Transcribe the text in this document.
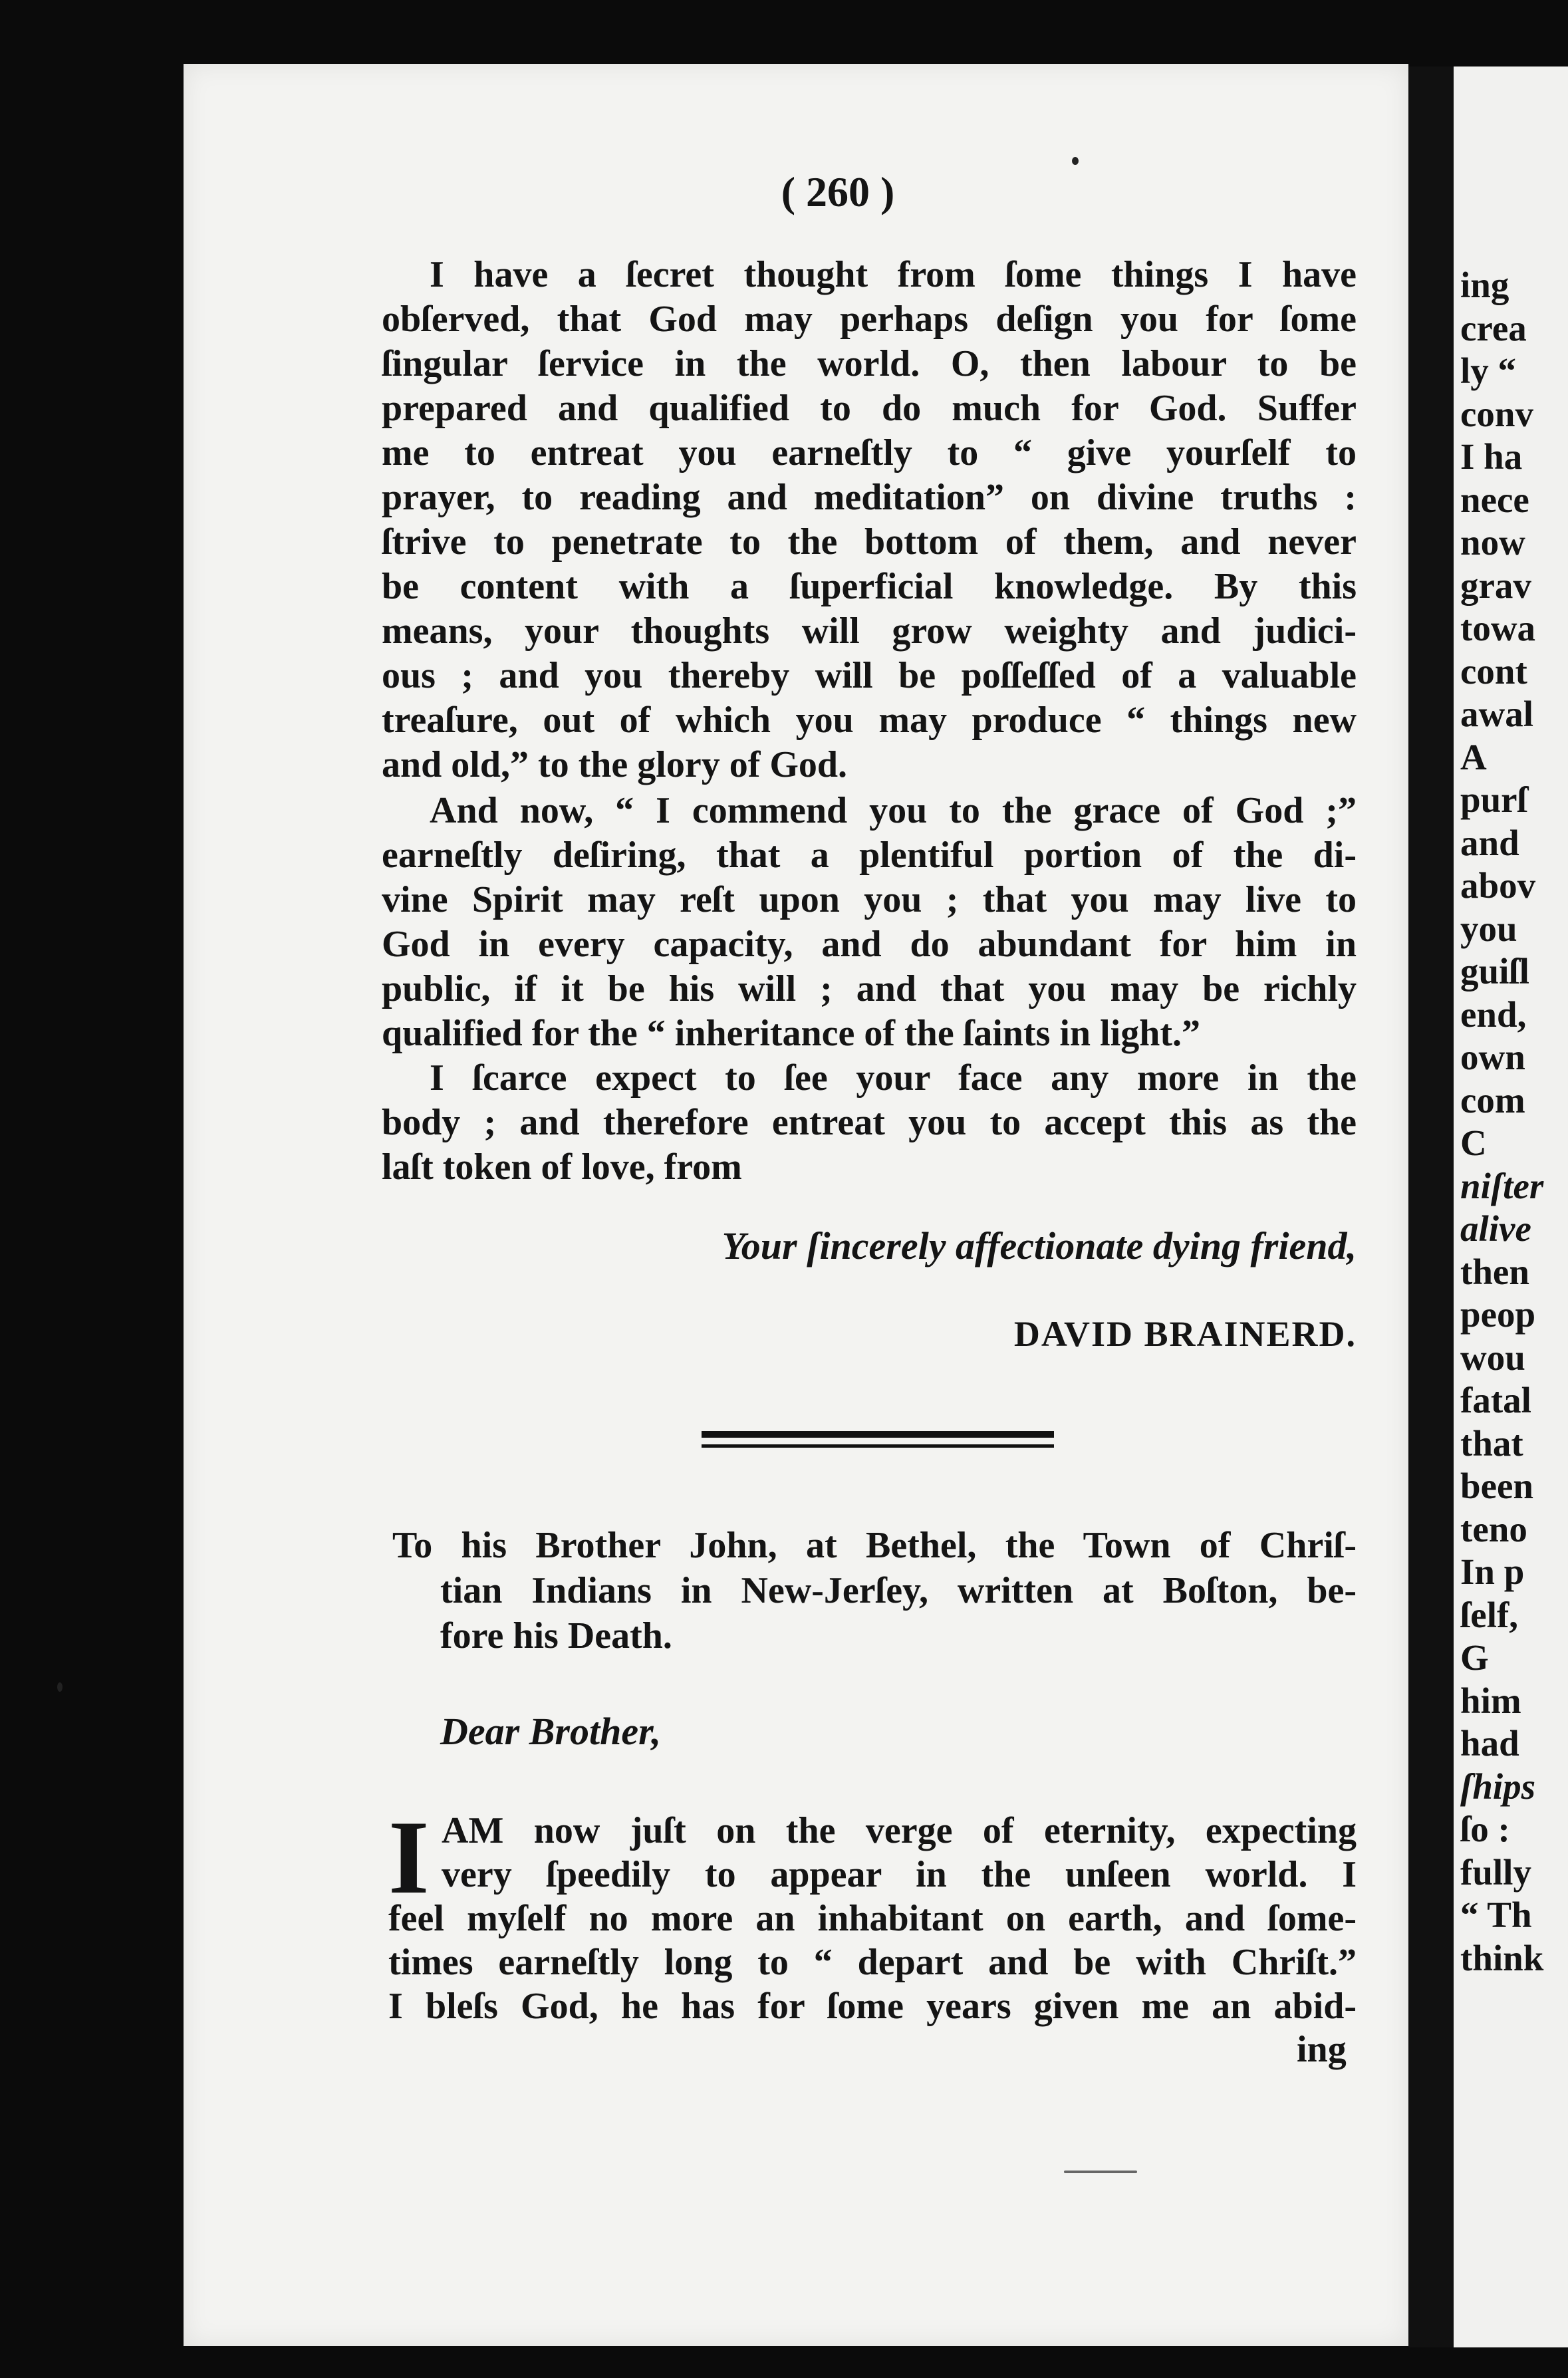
ing
crea
ly “
conv
I ha
nece
now
grav
towa
cont
awal
A
purſ
and
abov
you
guiſl
end,
own
com
C
niſter
alive
then
peop
wou
fatal
that
been
teno
In p
ſelf,
G
him
had
ſhips
ſo :
fully
“ Th
think
( 260 )
I have a ſecret thought from ſome things I have
obſerved, that God may perhaps deſign you for ſome
ſingular ſervice in the world. O, then labour to be
prepared and qualified to do much for God. Suffer
me to entreat you earneſtly to “ give yourſelf to
prayer, to reading and meditation” on divine truths :
ſtrive to penetrate to the bottom of them, and never
be content with a ſuperficial knowledge. By this
means, your thoughts will grow weighty and judici-
ous ; and you thereby will be poſſeſſed of a valuable
treaſure, out of which you may produce “ things new
and old,” to the glory of God.
And now, “ I commend you to the grace of God ;”
earneſtly deſiring, that a plentiful portion of the di-
vine Spirit may reſt upon you ; that you may live to
God in every capacity, and do abundant for him in
public, if it be his will ; and that you may be richly
qualified for the “ inheritance of the ſaints in light.”
I ſcarce expect to ſee your face any more in the
body ; and therefore entreat you to accept this as the
laſt token of love, from
Your ſincerely affectionate dying friend,
DAVID BRAINERD.
To his Brother John, at Bethel, the Town of Chriſ-
tian Indians in New-Jerſey, written at Boſton, be-
fore his Death.
Dear Brother,
I AM now juſt on the verge of eternity, expecting
very ſpeedily to appear in the unſeen world. I
feel myſelf no more an inhabitant on earth, and ſome-
times earneſtly long to “ depart and be with Chriſt.”
I bleſs God, he has for ſome years given me an abid-
ing
